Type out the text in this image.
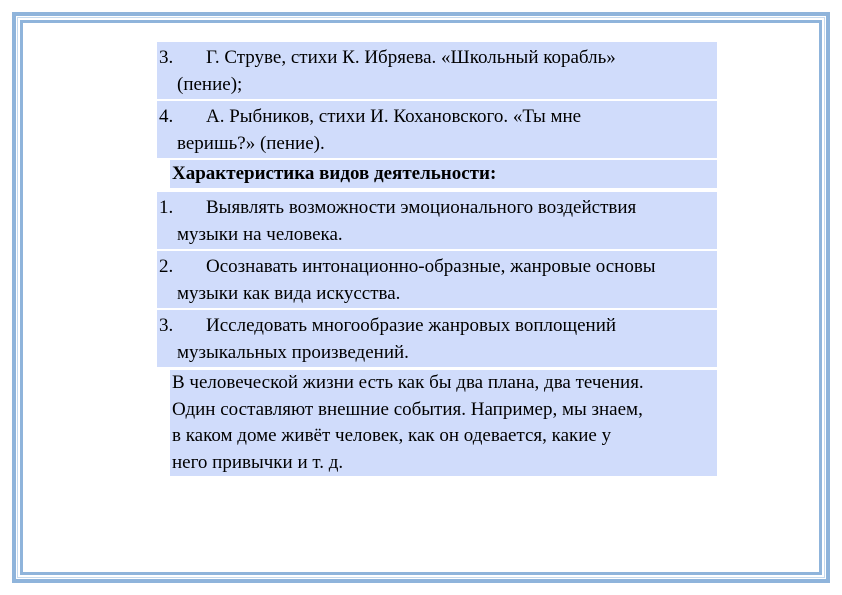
3.	Г. Струве, стихи К. Ибряева. «Школьный корабль»
(пение);
4.	А. Рыбников, стихи И. Кохановского. «Ты мне
веришь?» (пение).
Характеристика видов деятельности:
1.	Выявлять возможности эмоционального воздействия
музыки на человека.
2.	Осознавать интонационно-образные, жанровые основы
музыки как вида искусства.
3.	Исследовать многообразие жанровых воплощений
музыкальных произведений.
В человеческой жизни есть как бы два плана, два течения.
Один составляют внешние события. Например, мы знаем,
в каком доме живёт человек, как он одевается, какие у
него привычки и т. д.
